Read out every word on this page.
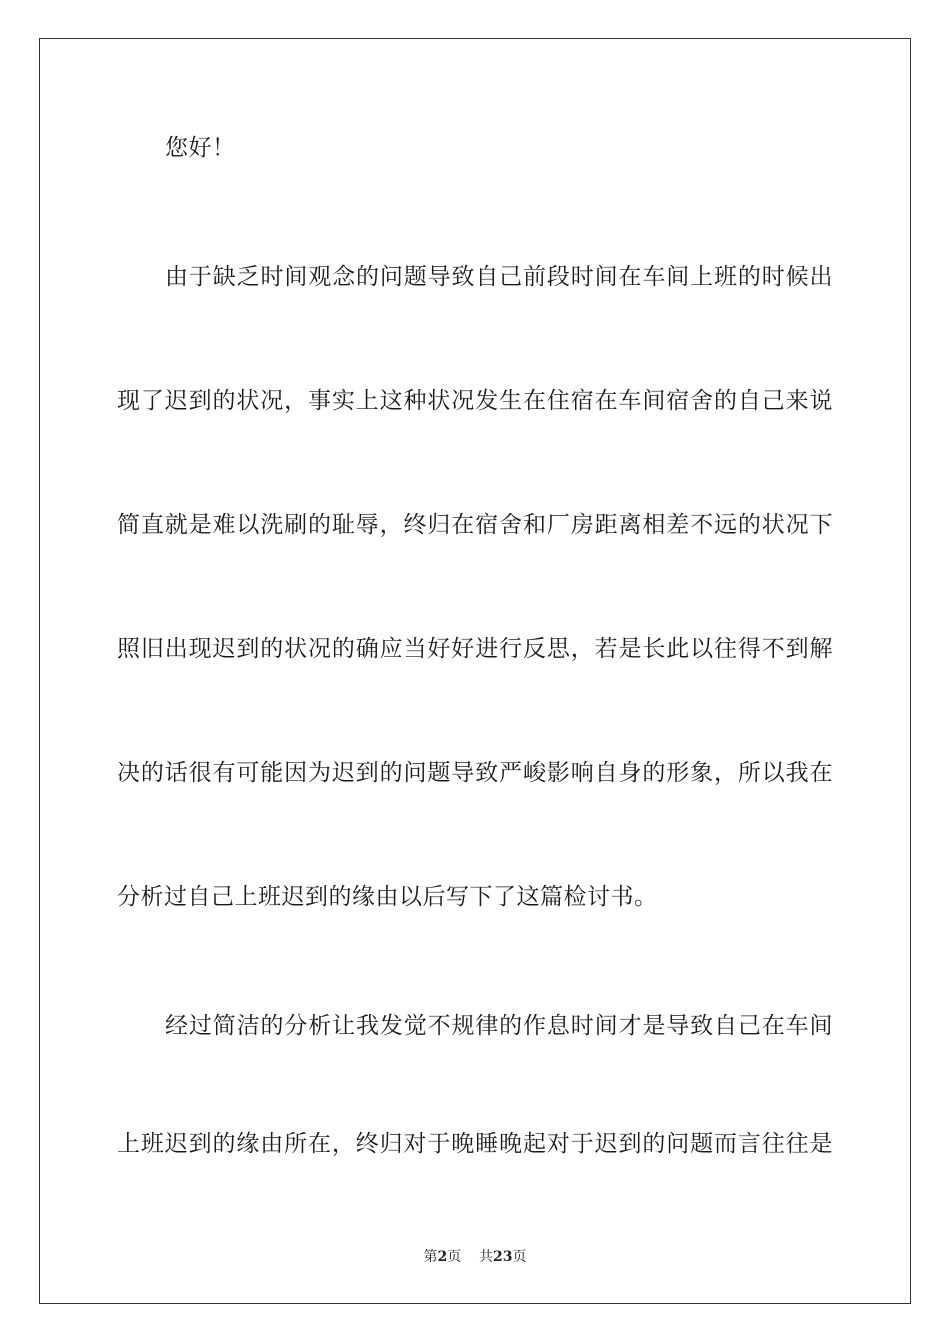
您好！
由于缺乏时间观念的问题导致自己前段时间在车间上班的时候出
现了迟到的状况，事实上这种状况发生在住宿在车间宿舍的自己来说
简直就是难以洗刷的耻辱，终归在宿舍和厂房距离相差不远的状况下
照旧出现迟到的状况的确应当好好进行反思，若是长此以往得不到解
决的话很有可能因为迟到的问题导致严峻影响自身的形象，所以我在
分析过自己上班迟到的缘由以后写下了这篇检讨书。
经过简洁的分析让我发觉不规律的作息时间才是导致自己在车间
上班迟到的缘由所在，终归对于晚睡晚起对于迟到的问题而言往往是
第2页 共23页
